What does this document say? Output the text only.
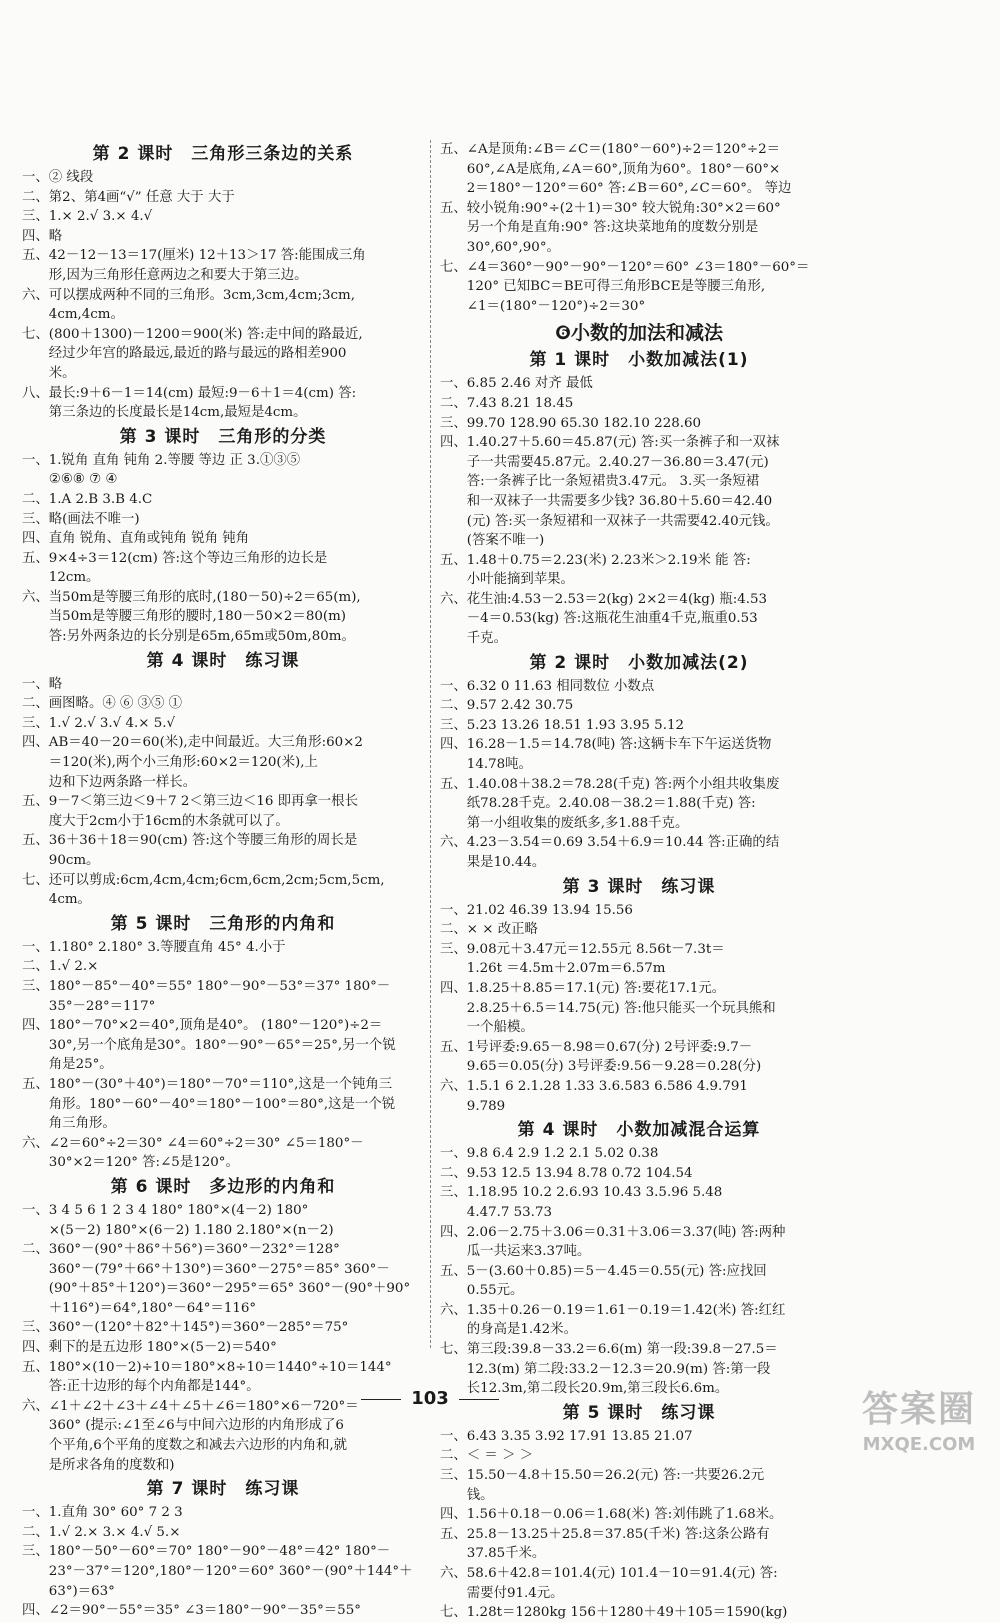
第 2 课时　三角形三条边的关系
一、② 线段
二、第2、第4画“√” 任意 大于 大于
三、1.× 2.√ 3.× 4.√
四、略
五、42－12－13＝17(厘米) 12＋13＞17 答:能围成三角
形,因为三角形任意两边之和要大于第三边。
六、可以摆成两种不同的三角形。3cm,3cm,4cm;3cm,
4cm,4cm。
七、(800＋1300)－1200＝900(米) 答:走中间的路最近,
经过少年宫的路最远,最近的路与最远的路相差900
米。
八、最长:9＋6－1＝14(cm) 最短:9－6＋1＝4(cm) 答:
第三条边的长度最长是14cm,最短是4cm。
第 3 课时　三角形的分类
一、1.锐角 直角 钝角 2.等腰 等边 正 3.①③⑤
②⑥⑧ ⑦ ④
二、1.A 2.B 3.B 4.C
三、略(画法不唯一)
四、直角 锐角、直角或钝角 锐角 钝角
五、9×4÷3＝12(cm) 答:这个等边三角形的边长是
12cm。
六、当50m是等腰三角形的底时,(180－50)÷2＝65(m),
当50m是等腰三角形的腰时,180－50×2＝80(m)
答:另外两条边的长分别是65m,65m或50m,80m。
第 4 课时　练习课
一、略
二、画图略。④ ⑥ ③⑤ ①
三、1.√ 2.√ 3.√ 4.× 5.√
四、AB＝40－20＝60(米),走中间最近。大三角形:60×2
＝120(米),两个小三角形:60×2＝120(米),上
边和下边两条路一样长。
五、9－7＜第三边＜9＋7 2＜第三边＜16 即再拿一根长
度大于2cm小于16cm的木条就可以了。
五、36＋36＋18＝90(cm) 答:这个等腰三角形的周长是
90cm。
七、还可以剪成:6cm,4cm,4cm;6cm,6cm,2cm;5cm,5cm,
4cm。
第 5 课时　三角形的内角和
一、1.180° 2.180° 3.等腰直角 45° 4.小于
二、1.√ 2.×
三、180°－85°－40°＝55° 180°－90°－53°＝37° 180°－
35°－28°＝117°
四、180°－70°×2＝40°,顶角是40°。 (180°－120°)÷2＝
30°,另一个底角是30°。180°－90°－65°＝25°,另一个锐
角是25°。
五、180°－(30°＋40°)＝180°－70°＝110°,这是一个钝角三
角形。180°－60°－40°＝180°－100°＝80°,这是一个锐
角三角形。
六、∠2＝60°÷2＝30° ∠4＝60°÷2＝30° ∠5＝180°－
30°×2＝120° 答:∠5是120°。
第 6 课时　多边形的内角和
一、3 4 5 6 1 2 3 4 180° 180°×(4－2) 180°
×(5－2) 180°×(6－2) 1.180 2.180°×(n－2)
二、360°－(90°＋86°＋56°)＝360°－232°＝128°
360°－(79°＋66°＋130°)＝360°－275°＝85° 360°－
(90°＋85°＋120°)＝360°－295°＝65° 360°－(90°＋90°
＋116°)＝64°,180°－64°＝116°
三、360°－(120°＋82°＋145°)＝360°－285°＝75°
四、剩下的是五边形 180°×(5－2)＝540°
五、180°×(10－2)÷10＝180°×8÷10＝1440°÷10＝144°
答:正十边形的每个内角都是144°。
六、∠1＋∠2＋∠3＋∠4＋∠5＋∠6＝180°×6－720°＝
360° (提示:∠1至∠6与中间六边形的内角形成了6
个平角,6个平角的度数之和减去六边形的内角和,就
是所求各角的度数和)
第 7 课时　练习课
一、1.直角 30° 60° 7 2 3
二、1.√ 2.× 3.× 4.√ 5.×
三、180°－50°－60°＝70° 180°－90°－48°＝42° 180°－
23°－37°＝120°,180°－120°＝60° 360°－(90°＋144°＋
63°)＝63°
四、∠2＝90°－55°＝35° ∠3＝180°－90°－35°＝55°
五、∠A是顶角:∠B＝∠C＝(180°－60°)÷2＝120°÷2＝
60°,∠A是底角,∠A＝60°,顶角为60°。180°－60°×
2＝180°－120°＝60° 答:∠B＝60°,∠C＝60°。 等边
五、较小锐角:90°÷(2＋1)＝30° 较大锐角:30°×2＝60°
另一个角是直角:90° 答:这块菜地角的度数分别是
30°,60°,90°。
七、∠4＝360°－90°－90°－120°＝60° ∠3＝180°－60°＝
120° 已知BC＝BE可得三角形BCE是等腰三角形,
∠1＝(180°－120°)÷2＝30°
❻小数的加法和减法
第 1 课时　小数加减法(1)
一、6.85 2.46 对齐 最低
二、7.43 8.21 18.45
三、99.70 128.90 65.30 182.10 228.60
四、1.40.27＋5.60＝45.87(元) 答:买一条裤子和一双袜
子一共需要45.87元。2.40.27－36.80＝3.47(元)
答:一条裤子比一条短裙贵3.47元。 3.买一条短裙
和一双袜子一共需要多少钱? 36.80＋5.60＝42.40
(元) 答:买一条短裙和一双袜子一共需要42.40元钱。
(答案不唯一)
五、1.48＋0.75＝2.23(米) 2.23米＞2.19米 能 答:
小叶能摘到苹果。
六、花生油:4.53－2.53＝2(kg) 2×2＝4(kg) 瓶:4.53
－4＝0.53(kg) 答:这瓶花生油重4千克,瓶重0.53
千克。
第 2 课时　小数加减法(2)
一、6.32 0 11.63 相同数位 小数点
二、9.57 2.42 30.75
三、5.23 13.26 18.51 1.93 3.95 5.12
四、16.28－1.5＝14.78(吨) 答:这辆卡车下午运送货物
14.78吨。
五、1.40.08＋38.2＝78.28(千克) 答:两个小组共收集废
纸78.28千克。2.40.08－38.2＝1.88(千克) 答:
第一小组收集的废纸多,多1.88千克。
六、4.23－3.54＝0.69 3.54＋6.9＝10.44 答:正确的结
果是10.44。
第 3 课时　练习课
一、21.02 46.39 13.94 15.56
二、× × 改正略
三、9.08元＋3.47元＝12.55元 8.56t－7.3t＝
1.26t ＝4.5m＋2.07m＝6.57m
四、1.8.25＋8.85＝17.1(元) 答:要花17.1元。
2.8.25＋6.5＝14.75(元) 答:他只能买一个玩具熊和
一个船模。
五、1号评委:9.65－8.98＝0.67(分) 2号评委:9.7－
9.65＝0.05(分) 3号评委:9.56－9.28＝0.28(分)
六、1.5.1 6 2.1.28 1.33 3.6.583 6.586 4.9.791
9.789
第 4 课时　小数加减混合运算
一、9.8 6.4 2.9 1.2 2.1 5.02 0.38
二、9.53 12.5 13.94 8.78 0.72 104.54
三、1.18.95 10.2 2.6.93 10.43 3.5.96 5.48
4.47.7 53.73
四、2.06－2.75＋3.06＝0.31＋3.06＝3.37(吨) 答:两种
瓜一共运来3.37吨。
五、5－(3.60＋0.85)＝5－4.45＝0.55(元) 答:应找回
0.55元。
六、1.35＋0.26－0.19＝1.61－0.19＝1.42(米) 答:红红
的身高是1.42米。
七、第三段:39.8－33.2＝6.6(m) 第一段:39.8－27.5＝
12.3(m) 第二段:33.2－12.3＝20.9(m) 答:第一段
长12.3m,第二段长20.9m,第三段长6.6m。
第 5 课时　练习课
一、6.43 3.35 3.92 17.91 13.85 21.07
二、＜ ＝ ＞ ＞
三、15.50－4.8＋15.50＝26.2(元) 答:一共要26.2元
钱。
四、1.56＋0.18－0.06＝1.68(米) 答:刘伟跳了1.68米。
五、25.8－13.25＋25.8＝37.85(千米) 答:这条公路有
37.85千米。
六、58.6＋42.8＝101.4(元) 101.4－10＝91.4(元) 答:
需要付91.4元。
七、1.28t＝1280kg 156＋1280＋49＋105＝1590(kg)
103	答案圈
MXQE.COM
